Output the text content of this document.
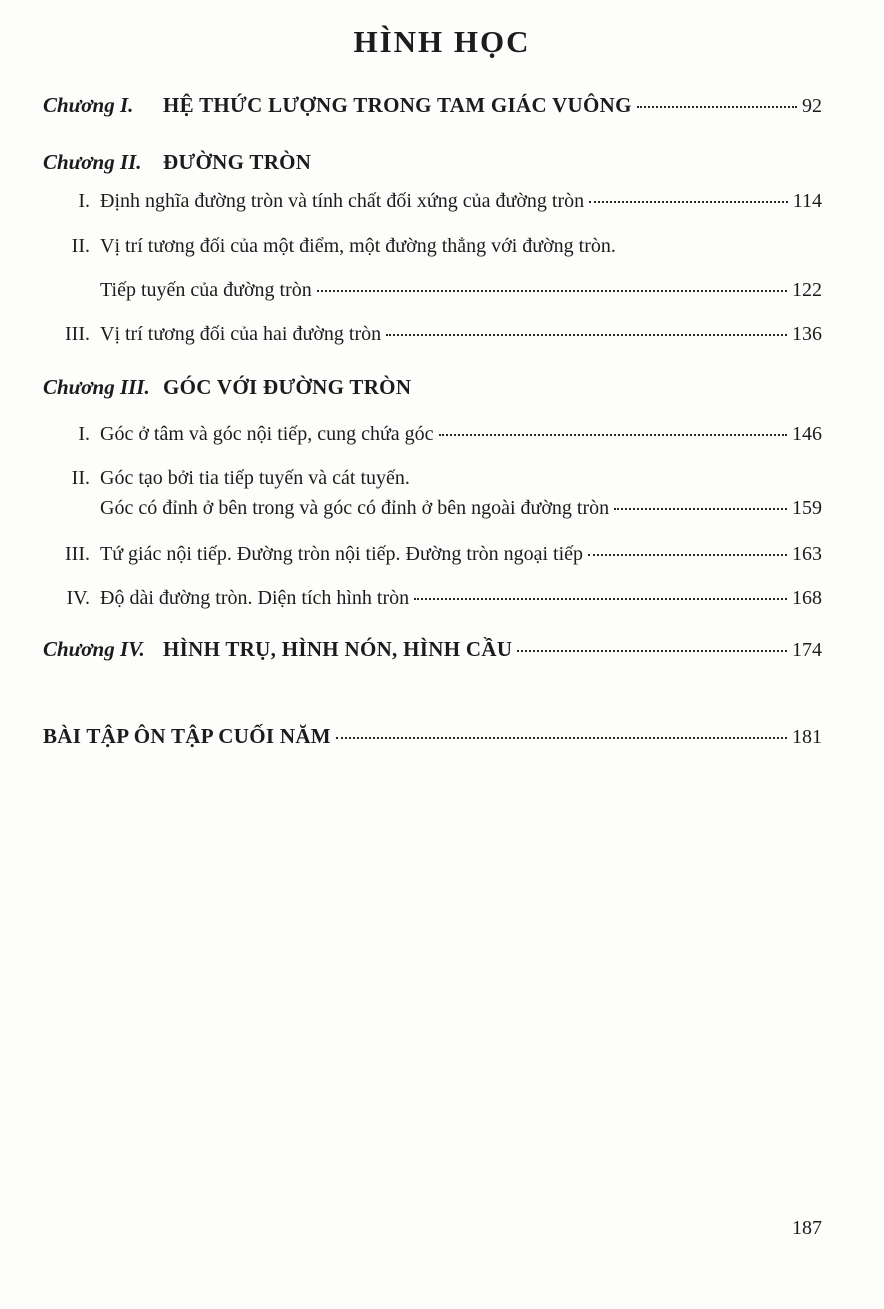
HÌNH HỌC
Chương I.	HỆ THỨC LƯỢNG TRONG TAM GIÁC VUÔNG	92
Chương II.	ĐƯỜNG TRÒN
I. Định nghĩa đường tròn và tính chất đối xứng của đường tròn	114
II. Vị trí tương đối của một điểm, một đường thẳng với đường tròn.
Tiếp tuyến của đường tròn	122
III. Vị trí tương đối của hai đường tròn	136
Chương III. GÓC VỚI ĐƯỜNG TRÒN
I. Góc ở tâm và góc nội tiếp, cung chứa góc	146
II. Góc tạo bởi tia tiếp tuyến và cát tuyến.
Góc có đỉnh ở bên trong và góc có đỉnh ở bên ngoài đường tròn	159
III. Tứ giác nội tiếp. Đường tròn nội tiếp. Đường tròn ngoại tiếp	163
IV. Độ dài đường tròn. Diện tích hình tròn	168
Chương IV. HÌNH TRỤ, HÌNH NÓN, HÌNH CẦU	174
BÀI TẬP ÔN TẬP CUỐI NĂM	181
187
